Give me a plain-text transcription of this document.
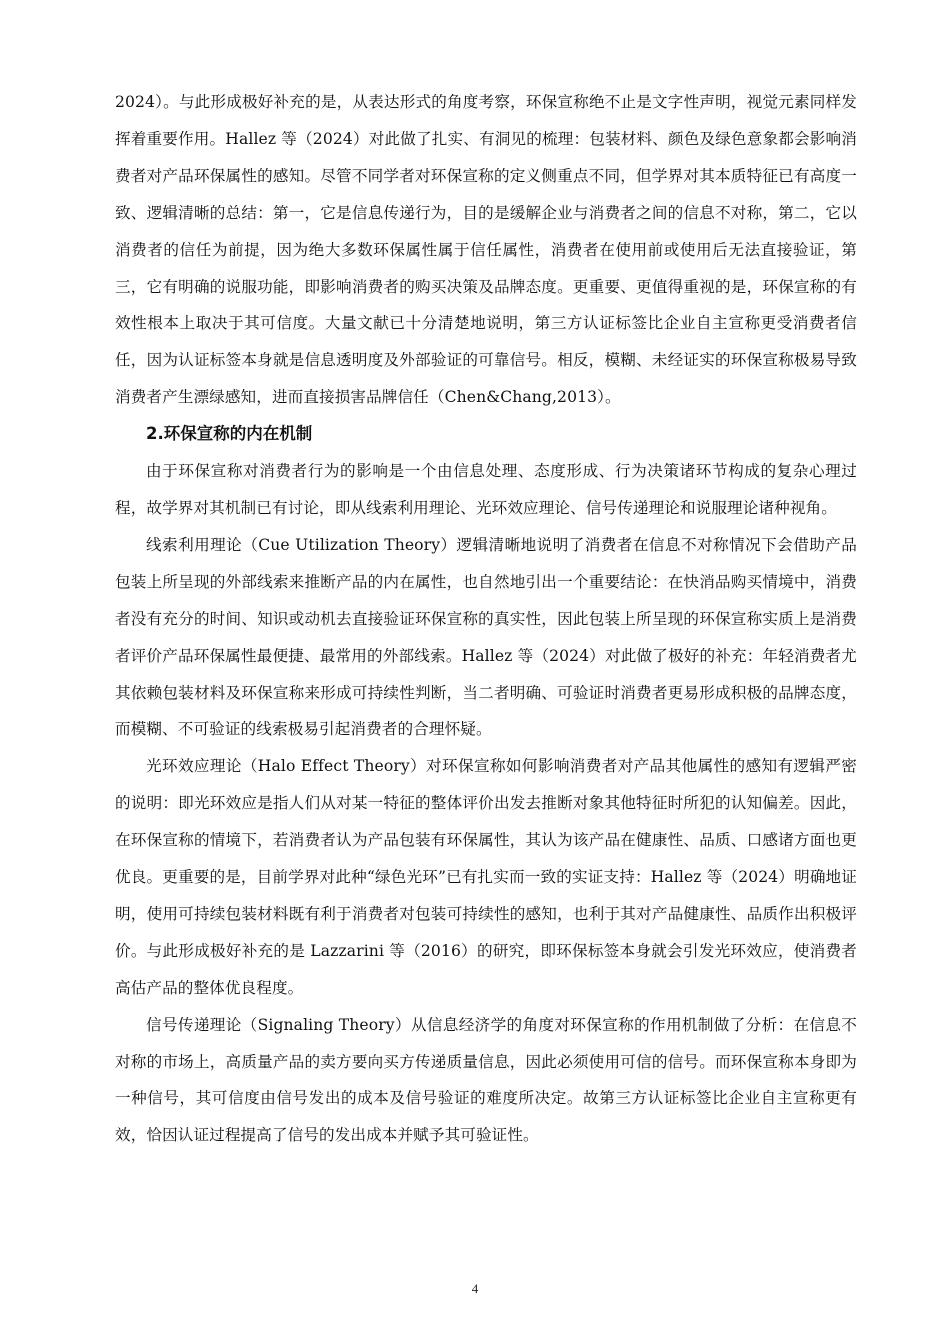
2024）。与此形成极好补充的是，从表达形式的角度考察，环保宣称绝不止是文字性声明，视觉元素同样发挥着重要作用。Hallez 等（2024）对此做了扎实、有洞见的梳理：包装材料、颜色及绿色意象都会影响消费者对产品环保属性的感知。尽管不同学者对环保宣称的定义侧重点不同，但学界对其本质特征已有高度一致、逻辑清晰的总结：第一，它是信息传递行为，目的是缓解企业与消费者之间的信息不对称，第二，它以消费者的信任为前提，因为绝大多数环保属性属于信任属性，消费者在使用前或使用后无法直接验证，第三，它有明确的说服功能，即影响消费者的购买决策及品牌态度。更重要、更值得重视的是，环保宣称的有效性根本上取决于其可信度。大量文献已十分清楚地说明，第三方认证标签比企业自主宣称更受消费者信任，因为认证标签本身就是信息透明度及外部验证的可靠信号。相反，模糊、未经证实的环保宣称极易导致消费者产生漂绿感知，进而直接损害品牌信任（Chen&Chang,2013）。

2.环保宣称的内在机制

由于环保宣称对消费者行为的影响是一个由信息处理、态度形成、行为决策诸环节构成的复杂心理过程，故学界对其机制已有讨论，即从线索利用理论、光环效应理论、信号传递理论和说服理论诸种视角。

线索利用理论（Cue Utilization Theory）逻辑清晰地说明了消费者在信息不对称情况下会借助产品包装上所呈现的外部线索来推断产品的内在属性，也自然地引出一个重要结论：在快消品购买情境中，消费者没有充分的时间、知识或动机去直接验证环保宣称的真实性，因此包装上所呈现的环保宣称实质上是消费者评价产品环保属性最便捷、最常用的外部线索。Hallez 等（2024）对此做了极好的补充：年轻消费者尤其依赖包装材料及环保宣称来形成可持续性判断，当二者明确、可验证时消费者更易形成积极的品牌态度，而模糊、不可验证的线索极易引起消费者的合理怀疑。

光环效应理论（Halo Effect Theory）对环保宣称如何影响消费者对产品其他属性的感知有逻辑严密的说明：即光环效应是指人们从对某一特征的整体评价出发去推断对象其他特征时所犯的认知偏差。因此，在环保宣称的情境下，若消费者认为产品包装有环保属性，其认为该产品在健康性、品质、口感诸方面也更优良。更重要的是，目前学界对此种“绿色光环”已有扎实而一致的实证支持：Hallez 等（2024）明确地证明，使用可持续包装材料既有利于消费者对包装可持续性的感知，也利于其对产品健康性、品质作出积极评价。与此形成极好补充的是 Lazzarini 等（2016）的研究，即环保标签本身就会引发光环效应，使消费者高估产品的整体优良程度。

信号传递理论（Signaling Theory）从信息经济学的角度对环保宣称的作用机制做了分析：在信息不对称的市场上，高质量产品的卖方要向买方传递质量信息，因此必须使用可信的信号。而环保宣称本身即为一种信号，其可信度由信号发出的成本及信号验证的难度所决定。故第三方认证标签比企业自主宣称更有效，恰因认证过程提高了信号的发出成本并赋予其可验证性。

4
